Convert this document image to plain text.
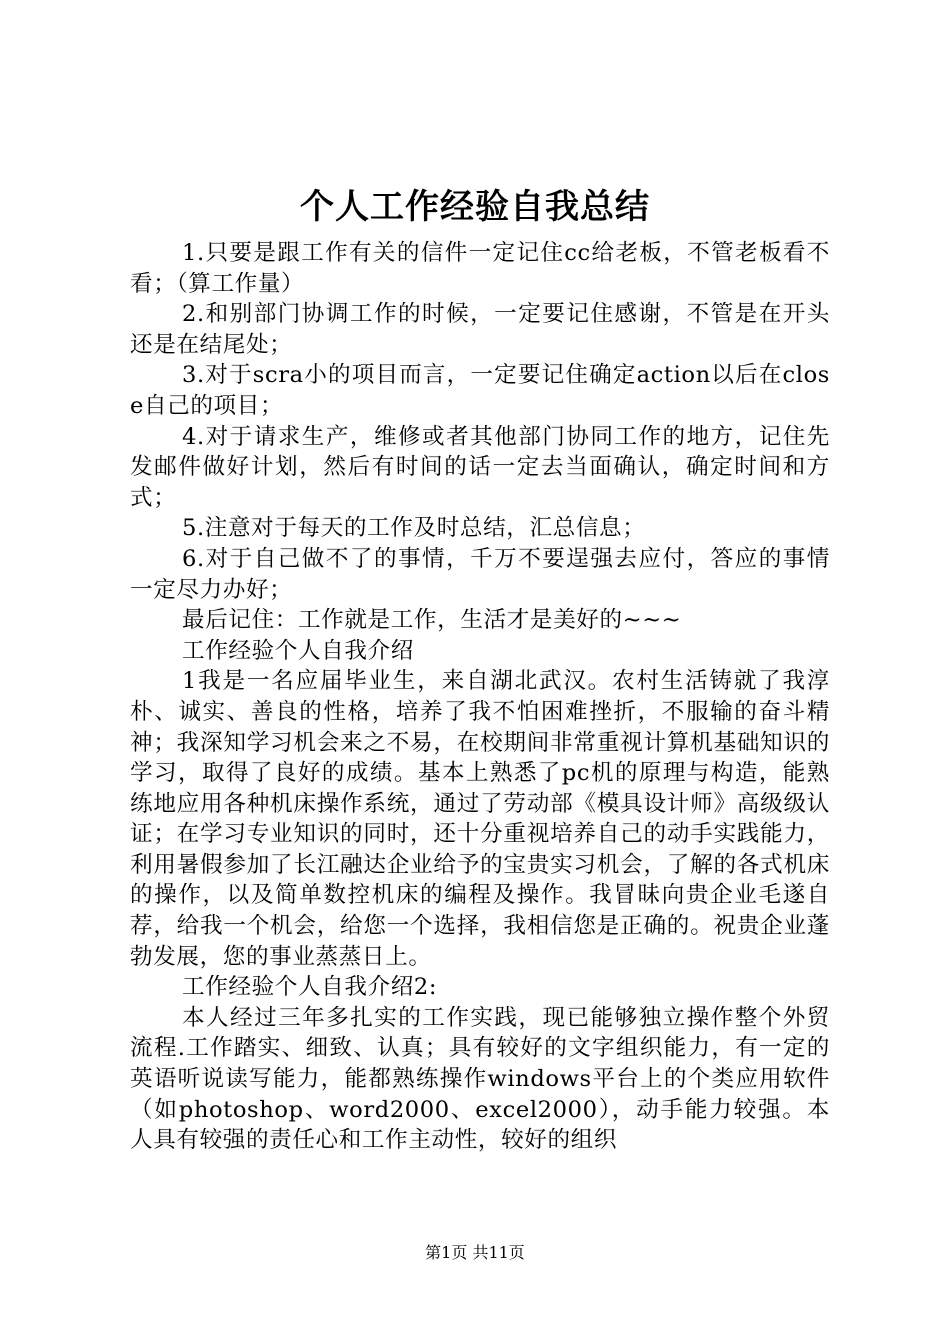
个人工作经验自我总结

1.只要是跟工作有关的信件一定记住cc给老板，不管老板看不看；（算工作量）

2.和别部门协调工作的时候，一定要记住感谢，不管是在开头还是在结尾处；

3.对于scra小的项目而言，一定要记住确定action以后在close自己的项目；

4.对于请求生产，维修或者其他部门协同工作的地方，记住先发邮件做好计划，然后有时间的话一定去当面确认，确定时间和方式；

5.注意对于每天的工作及时总结，汇总信息；

6.对于自己做不了的事情，千万不要逞强去应付，答应的事情一定尽力办好；

最后记住：工作就是工作，生活才是美好的~~~

工作经验个人自我介绍

1我是一名应届毕业生，来自湖北武汉。农村生活铸就了我淳朴、诚实、善良的性格，培养了我不怕困难挫折，不服输的奋斗精神；我深知学习机会来之不易，在校期间非常重视计算机基础知识的学习，取得了良好的成绩。基本上熟悉了pc机的原理与构造，能熟练地应用各种机床操作系统，通过了劳动部《模具设计师》高级级认证；在学习专业知识的同时，还十分重视培养自己的动手实践能力，利用暑假参加了长江融达企业给予的宝贵实习机会，了解的各式机床的操作，以及简单数控机床的编程及操作。我冒昧向贵企业毛遂自荐，给我一个机会，给您一个选择，我相信您是正确的。祝贵企业蓬勃发展，您的事业蒸蒸日上。

工作经验个人自我介绍2:

本人经过三年多扎实的工作实践，现已能够独立操作整个外贸流程.工作踏实、细致、认真；具有较好的文字组织能力，有一定的英语听说读写能力，能都熟练操作windows平台上的个类应用软件（如photoshop、word2000、excel2000），动手能力较强。本人具有较强的责任心和工作主动性，较好的组织

第1页 共11页
